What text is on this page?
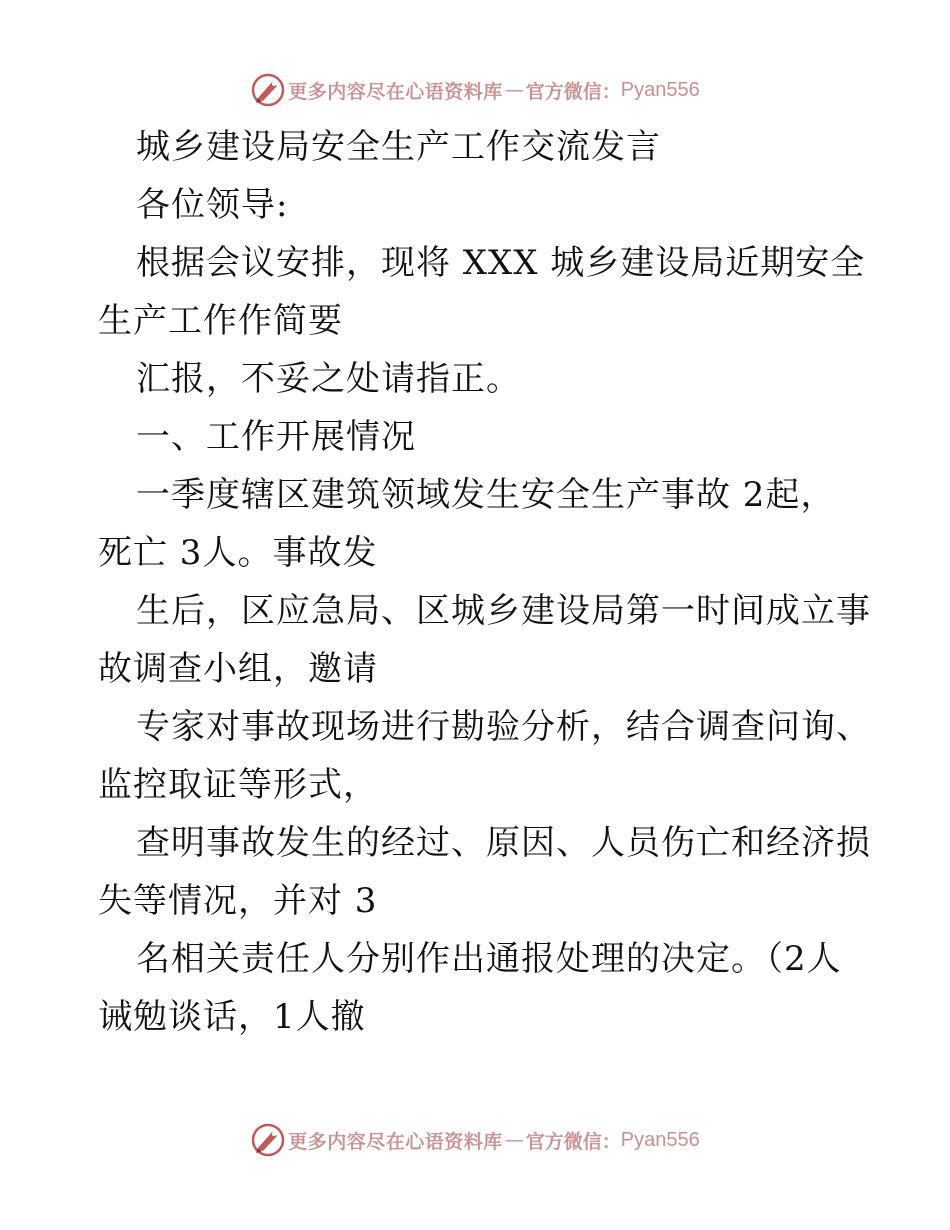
更多内容尽在心语资料库 — 官方微信： Pyan556
城乡建设局安全生产工作交流发言
各位领导:
根据会议安排，现将 XXX 城乡建设局近期安全
生产工作作简要
汇报，不妥之处请指正。
一、工作开展情况
一季度辖区建筑领域发生安全生产事故 2起，
死亡 3人。事故发
生后，区应急局、区城乡建设局第一时间成立事
故调查小组，邀请
专家对事故现场进行勘验分析，结合调查问询、
监控取证等形式，
查明事故发生的经过、原因、人员伤亡和经济损
失等情况，并对 3
名相关责任人分别作出通报处理的决定。（2人
诫勉谈话，1人撤
更多内容尽在心语资料库 — 官方微信： Pyan556
